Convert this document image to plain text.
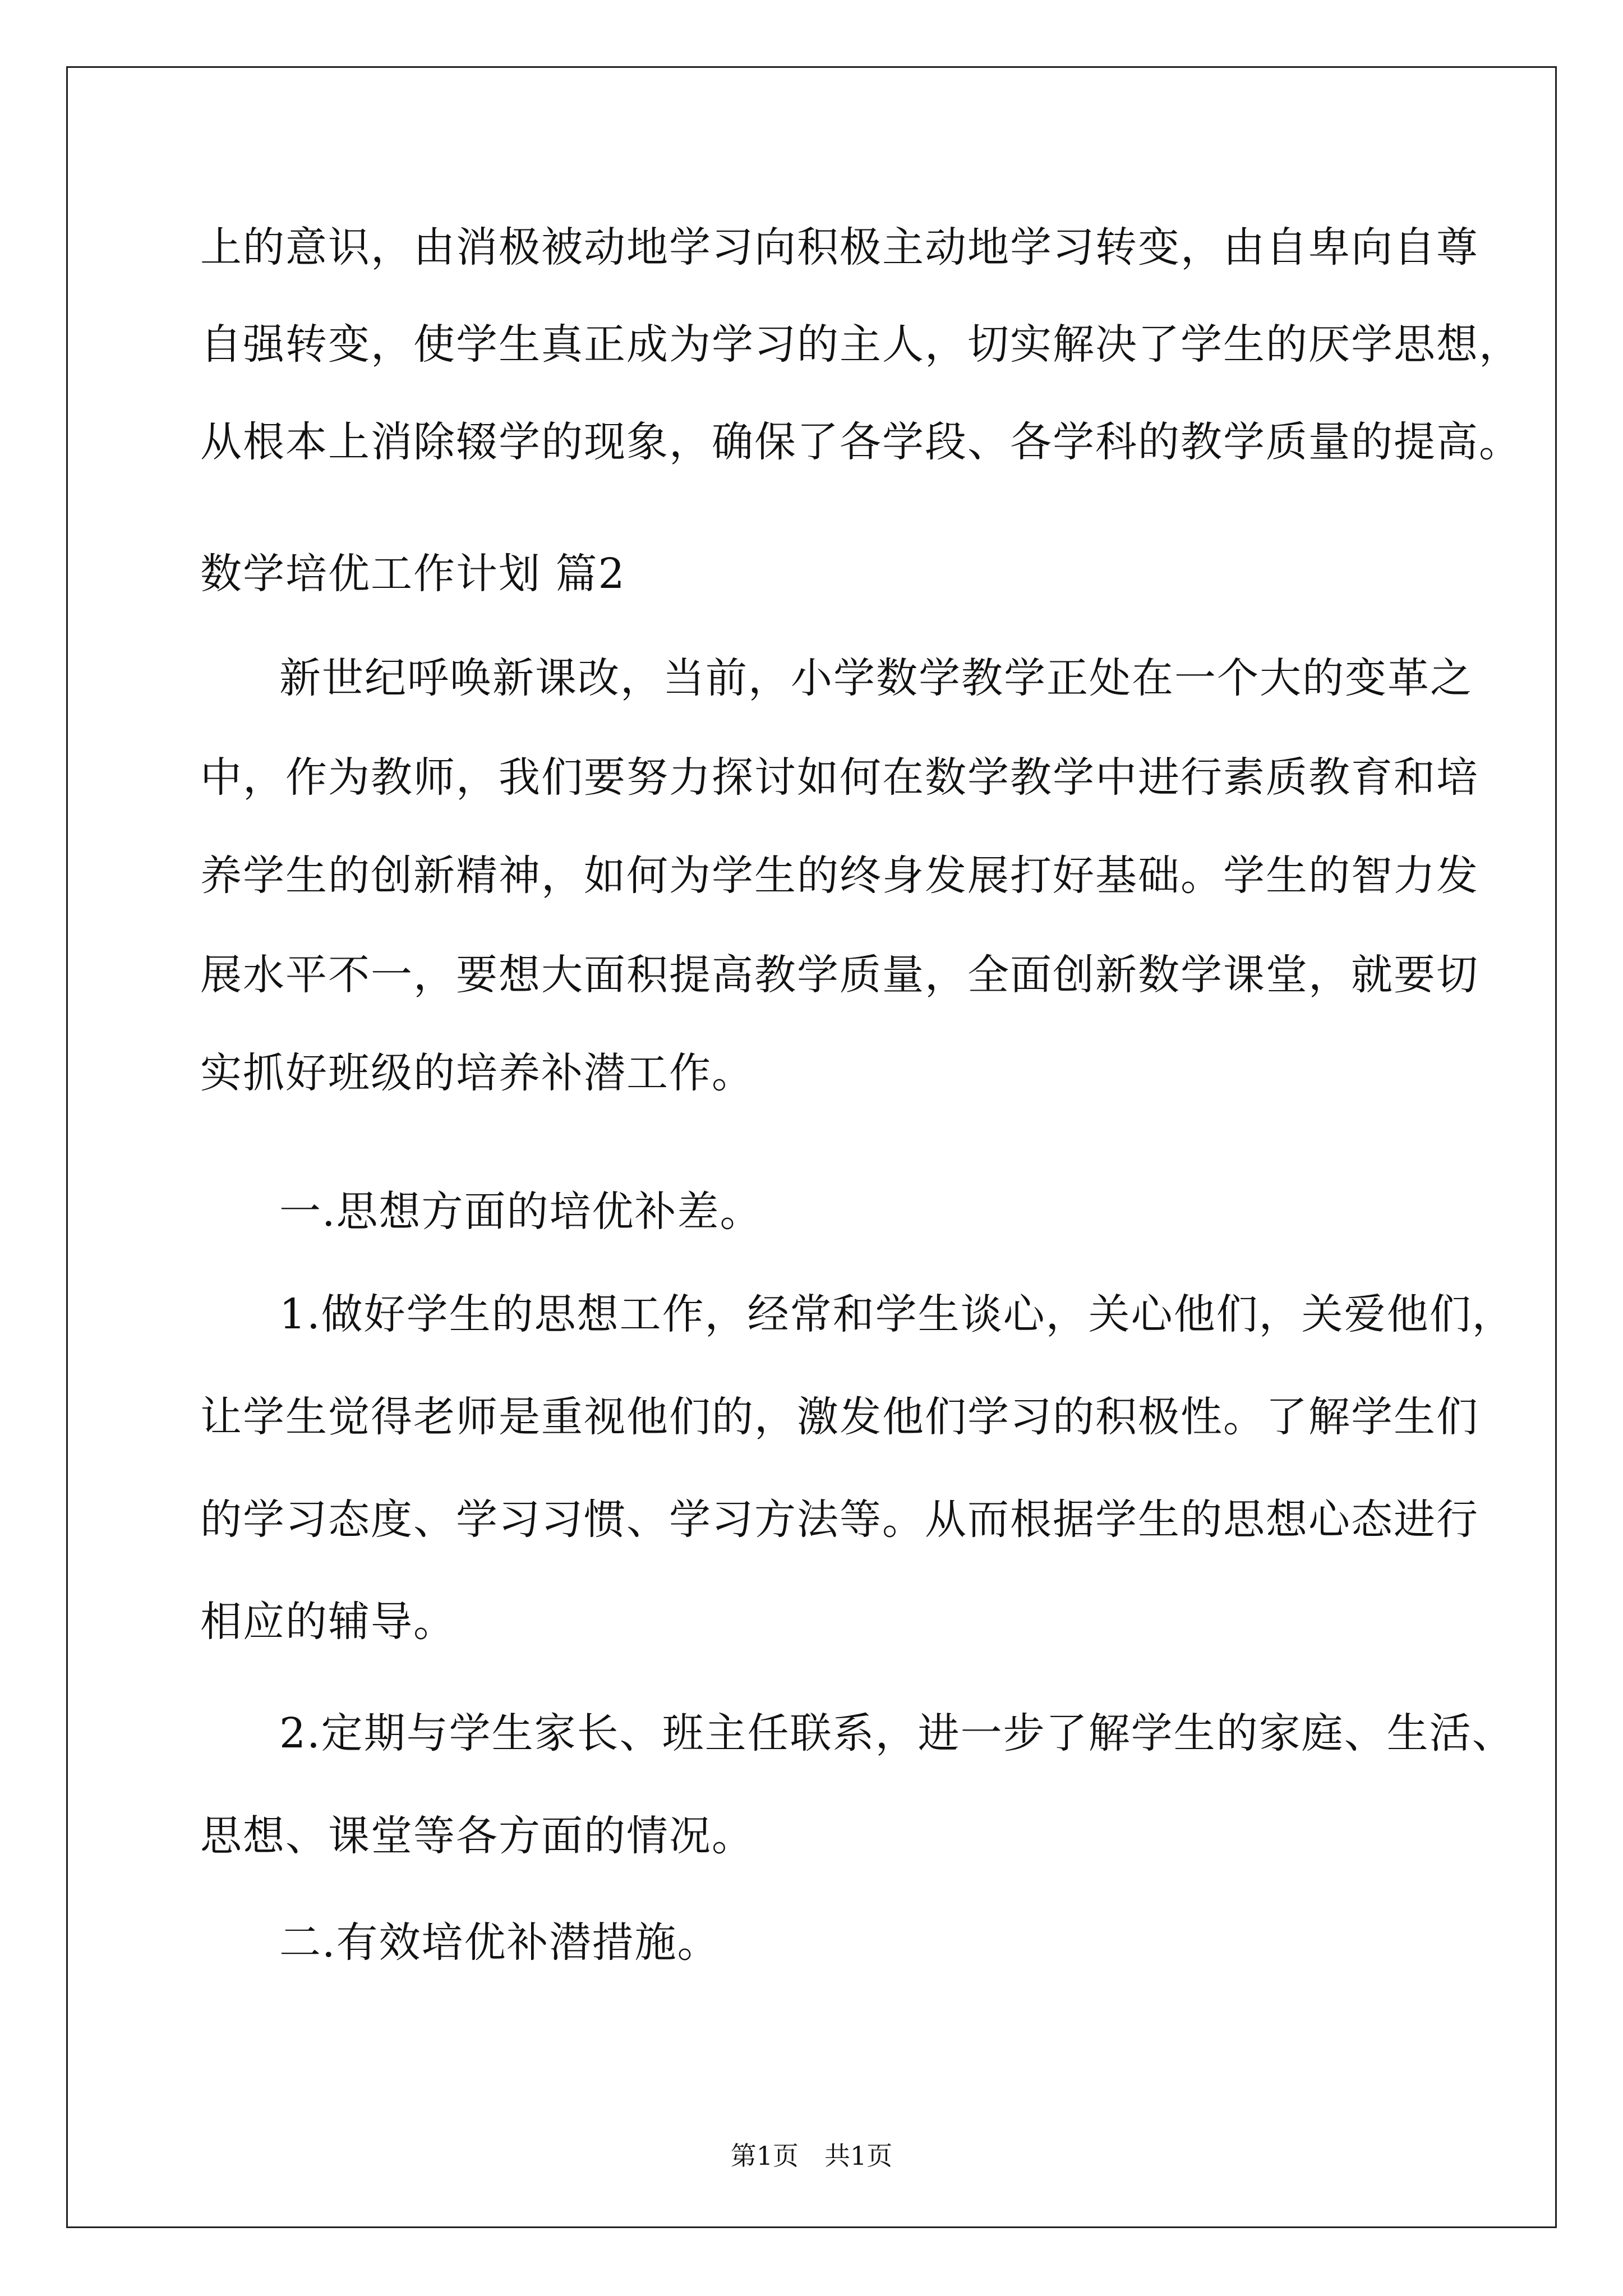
上的意识，由消极被动地学习向积极主动地学习转变，由自卑向自尊
自强转变，使学生真正成为学习的主人，切实解决了学生的厌学思想，
从根本上消除辍学的现象，确保了各学段、各学科的教学质量的提高。
数学培优工作计划 篇2
新世纪呼唤新课改，当前，小学数学教学正处在一个大的变革之
中，作为教师，我们要努力探讨如何在数学教学中进行素质教育和培
养学生的创新精神，如何为学生的终身发展打好基础。学生的智力发
展水平不一，要想大面积提高教学质量，全面创新数学课堂，就要切
实抓好班级的培养补潜工作。
一.思想方面的培优补差。
1.做好学生的思想工作，经常和学生谈心，关心他们，关爱他们，
让学生觉得老师是重视他们的，激发他们学习的积极性。了解学生们
的学习态度、学习习惯、学习方法等。从而根据学生的思想心态进行
相应的辅导。
2.定期与学生家长、班主任联系，进一步了解学生的家庭、生活、
思想、课堂等各方面的情况。
二.有效培优补潜措施。
第1页　共1页
